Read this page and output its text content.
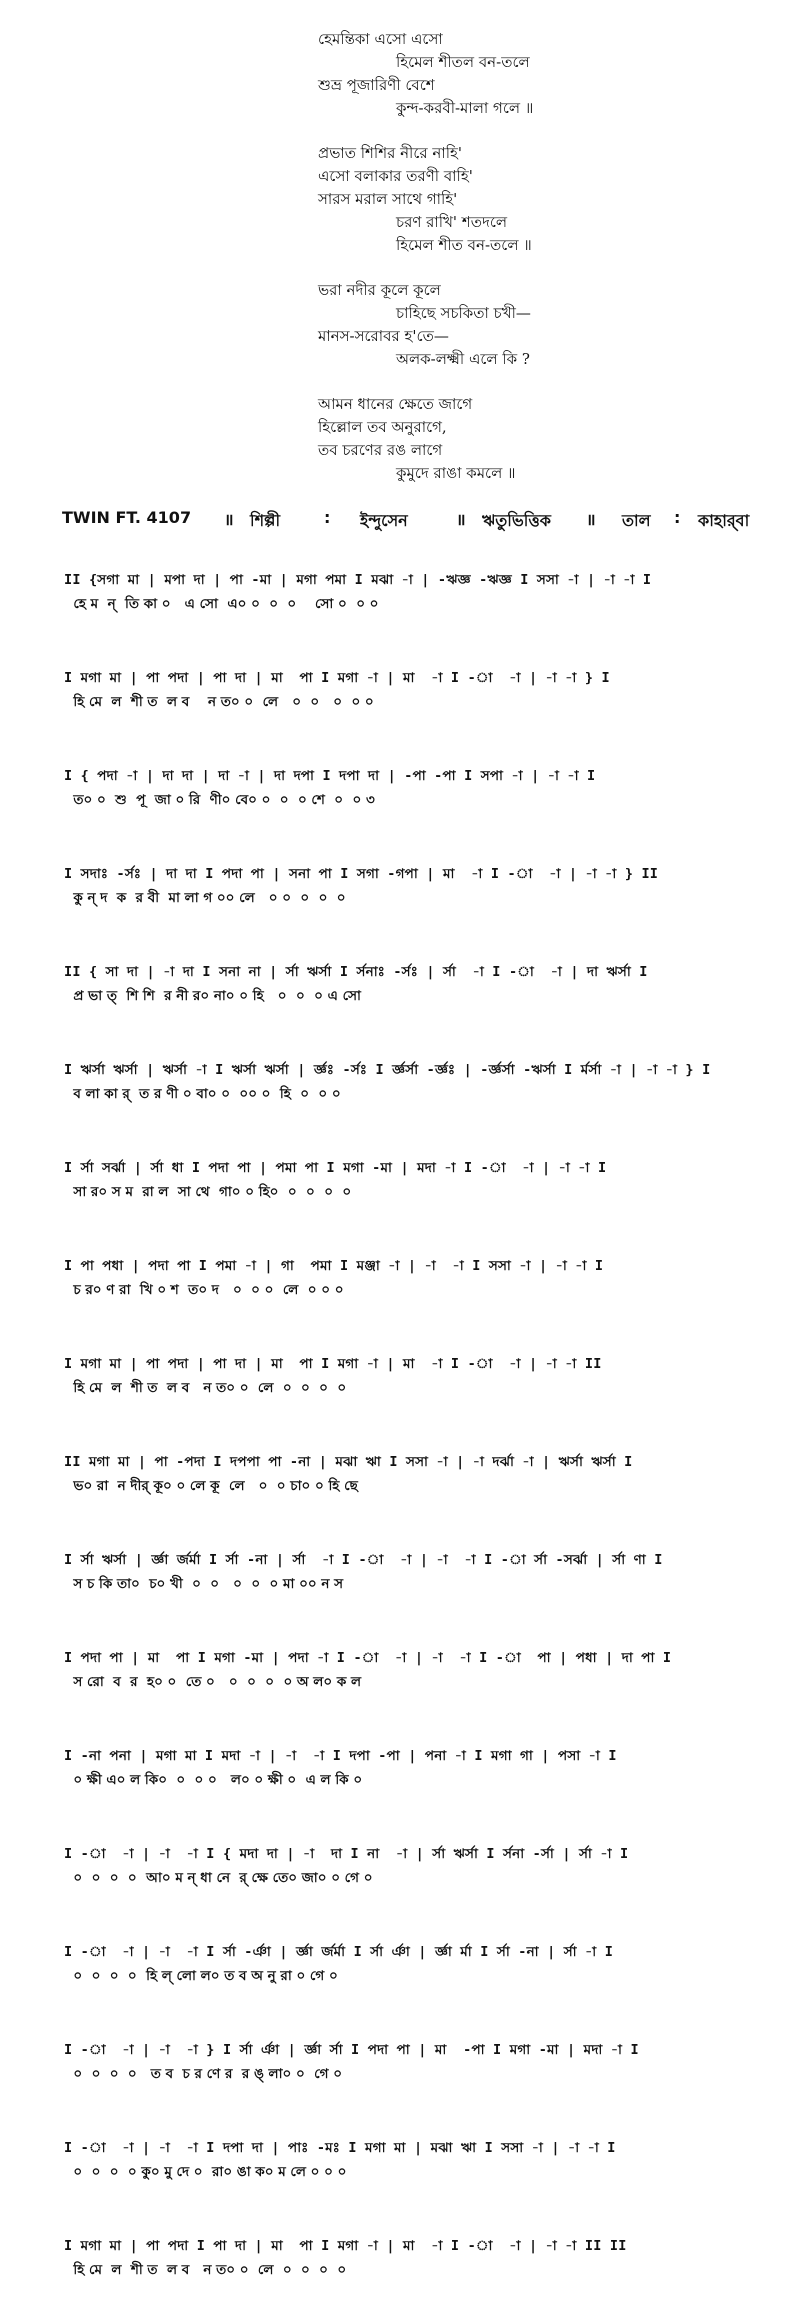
হেমন্তিকা এসো এসো
হিমেল শীতল বন-তলে
শুভ্র পূজারিণী বেশে
কুন্দ-করবী-মালা গলে ॥
প্রভাত শিশির নীরে নাহি'
এসো বলাকার তরণী বাহি'
সারস মরাল সাথে গাহি'
চরণ রাখি' শতদলে
হিমেল শীত বন-তলে ॥
ভরা নদীর কূলে কূলে
চাহিছে সচকিতা চখী—
মানস-সরোবর হ'তে—
অলক-লক্ষ্মী এলে কি ?
আমন ধানের ক্ষেতে জাগে
হিল্লোল তব অনুরাগে,
তব চরণের রঙ লাগে
কুমুদে রাঙা কমলে ॥
TWIN FT. 4107 ॥ শিল্পী	: ইন্দুসেন	॥ ঋতুভিত্তিক ॥ তাল : কাহার্‌বা
II {সগা মা | মপা দা | পা -মা | মগা পমা I মঝা -া | -ঋজ্ঞ -ঋজ্ঞ I সসা -া | -া -া I
হে ম  ন্  তি কা ০   এ সো  এ০ ০  ০  ০    সো ০  ০ ০
I মগা মা | পা পদা | পা দা | মা  পা I মগা -া | মা  -া I -া  -া | -া -া } I
হি মে  ল  শী ত  ল ব    ন ত০ ০  লে   ০  ০   ০  ০ ০
I { পদা -া | দা দা | দা -া | দা দপা I দপা দা | -পা -পা I সপা -া | -া -া I
ত০ ০  শু  পূ  জা ০ রি  ণী০ বে০ ০  ০  ০ শে  ০  ০ ৩
I সদাঃ -র্সঃ | দা দা I পদা পা | সনা পা I সগা -গপা | মা  -া I -া  -া | -া -া } II
কু ন্ দ  ক  র বী  মা লা গ ০০ লে   ০ ০  ০  ০  ০
II { সা দা | -া দা I সনা না | র্সা ঋর্সা I র্সনাঃ -র্সঃ | র্সা  -া I -া  -া | দা ঋর্সা I
প্র ভা ত্  শি শি  র নী র০ না০ ০ হি   ০  ০  ০ এ সো
I ঋর্সা ঋর্সা | ঋর্সা -া I ঋর্সা ঋর্সা | র্জ্ঞঃ -র্সঃ I র্জ্ঞর্সা -র্জ্ঞঃ | -র্জ্ঞর্সা -ঋর্সা I র্মর্সা -া | -া -া } I
ব লা কা র্  ত র ণী ০ বা০ ০  ০০ ০  হি  ০  ০ ০
I র্সা সর্ঝা | র্সা ধা I পদা পা | পমা পা I মগা -মা | মদা -া I -া  -া | -া -া I
সা র০ স ম  রা ল  সা থে  গা০ ০ হি০  ০  ০  ০  ০
I পা পধা | পদা পা I পমা -া | গা  পমা I মঞ্জা -া | -া  -া I সসা -া | -া -া I
চ র০ ণ রা  খি ০ শ  ত০ দ   ০  ০ ০  লে  ০ ০ ০
I মগা মা | পা পদা | পা দা | মা  পা I মগা -া | মা  -া I -া  -া | -া -া II
হি মে  ল  শী ত  ল ব   ন ত০ ০  লে  ০  ০  ০  ০
II মগা মা | পা -পদা I দপপা পা -না | মঝা ঋা I সসা -া | -া দর্ঝা -া | ঋর্সা ঋর্সা I
ভ০ রা  ন দীর্ কূ০ ০ লে কূ  লে   ০  ০ চা০ ০ হি ছে
I র্সা ঋর্সা | র্জ্ঞা র্জর্মা I র্সা -না | র্সা  -া I -া  -া | -া  -া I -া র্সা -সর্ঝা | র্সা ণা I
স চ কি তা০  চ০ খী  ০  ০   ০  ০  ০ মা ০০ ন স
I পদা পা | মা  পা I মগা -মা | পদা -া I -া  -া | -া  -া I -া  পা | পধা | দা পা I
স রো  ব  র  হ০ ০  তে ০   ০  ০  ০  ০ অ ল০ ক ল
I -না পনা | মগা মা I মদা -া | -া  -া I দপা -পা | পনা -া I মগা গা | পসা -া I
০ ক্ষী এ০ ল কি০  ০  ০ ০   ল০ ০ ক্ষী ০  এ ল কি ০
I -া  -া | -া  -া I { মদা দা | -া  দা I না  -া | র্সা ঋর্সা I র্সনা -র্সা | র্সা -া I
০  ০  ০  ০  আ০ ম ন্ ধা নে  র্ ক্ষে তে০ জা০ ০ গে ০
I -া  -া | -া  -া I র্সা -র্ঞা | র্জ্ঞা র্জর্মা I র্সা র্ঞা | র্জ্ঞা র্মা I র্সা -না | র্সা -া I
০  ০  ০  ০  হি ল্ লো ল০ ত ব অ নু রা ০ গে ০
I -া  -া | -া  -া } I র্সা র্ঞা | র্জ্ঞা র্সা I পদা পা | মা  -পা I মগা -মা | মদা -া I
০  ০  ০  ০   ত ব  চ র ণে র  র ঙ্ লা০ ০  গে ০
I -া  -া | -া  -া I দপা দা | পাঃ -মঃ I মগা মা | মঝা ঋা I সসা -া | -া -া I
০  ০  ০  ০ কু০ মু দে ০  রা০ ঙা ক০ ম লে ০ ০ ০
I মগা মা | পা পদা I পা দা | মা  পা I মগা -া | মা  -া I -া  -া | -া -া II II
হি মে  ল  শী ত  ল ব   ন ত০ ০  লে  ০  ০  ০  ০
